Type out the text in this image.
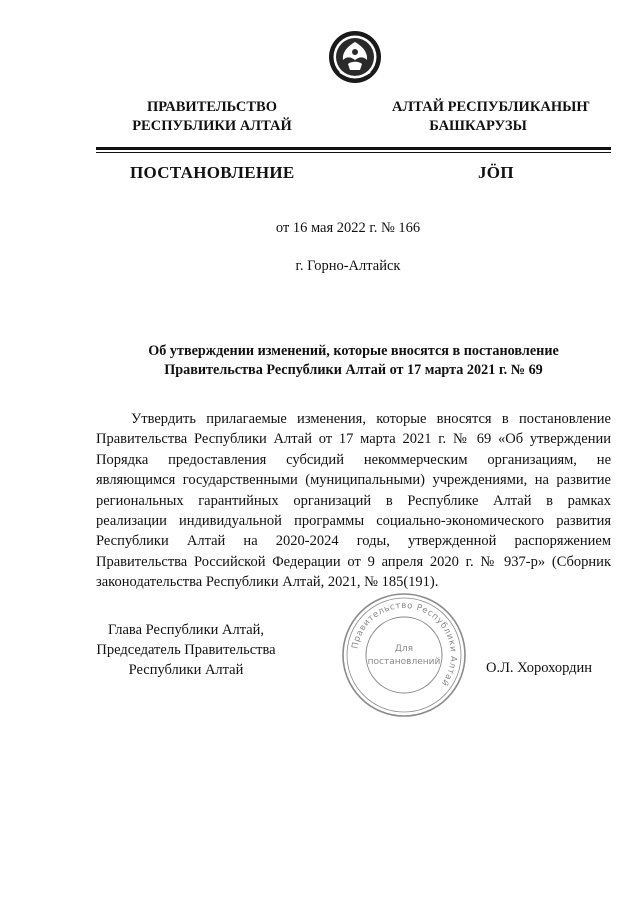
ПРАВИТЕЛЬСТВО
РЕСПУБЛИКИ АЛТАЙ
АЛТАЙ РЕСПУБЛИКАНЫҤ
БАШКАРУЗЫ
ПОСТАНОВЛЕНИЕ	JÖП
от 16 мая 2022 г. № 166
г. Горно-Алтайск
Об утверждении изменений, которые вносятся в постановление
Правительства Республики Алтай от 17 марта 2021 г. № 69
Утвердить прилагаемые изменения, которые вносятся в постановление
Правительства Республики Алтай от 17 марта 2021 г. № 69 «Об утверждении
Порядка предоставления субсидий некоммерческим организациям, не
являющимся государственными (муниципальными) учреждениями, на развитие
региональных гарантийных организаций в Республике Алтай в рамках
реализации индивидуальной программы социально-экономического развития
Республики Алтай на 2020-2024 годы, утвержденной распоряжением
Правительства Российской Федерации от 9 апреля 2020 г. № 937-р» (Сборник
законодательства Республики Алтай, 2021, № 185(191).
Глава Республики Алтай,
Председатель Правительства
Республики Алтай	О.Л. Хорохордин
Правительство Республики Алтай
Для
постановлений
